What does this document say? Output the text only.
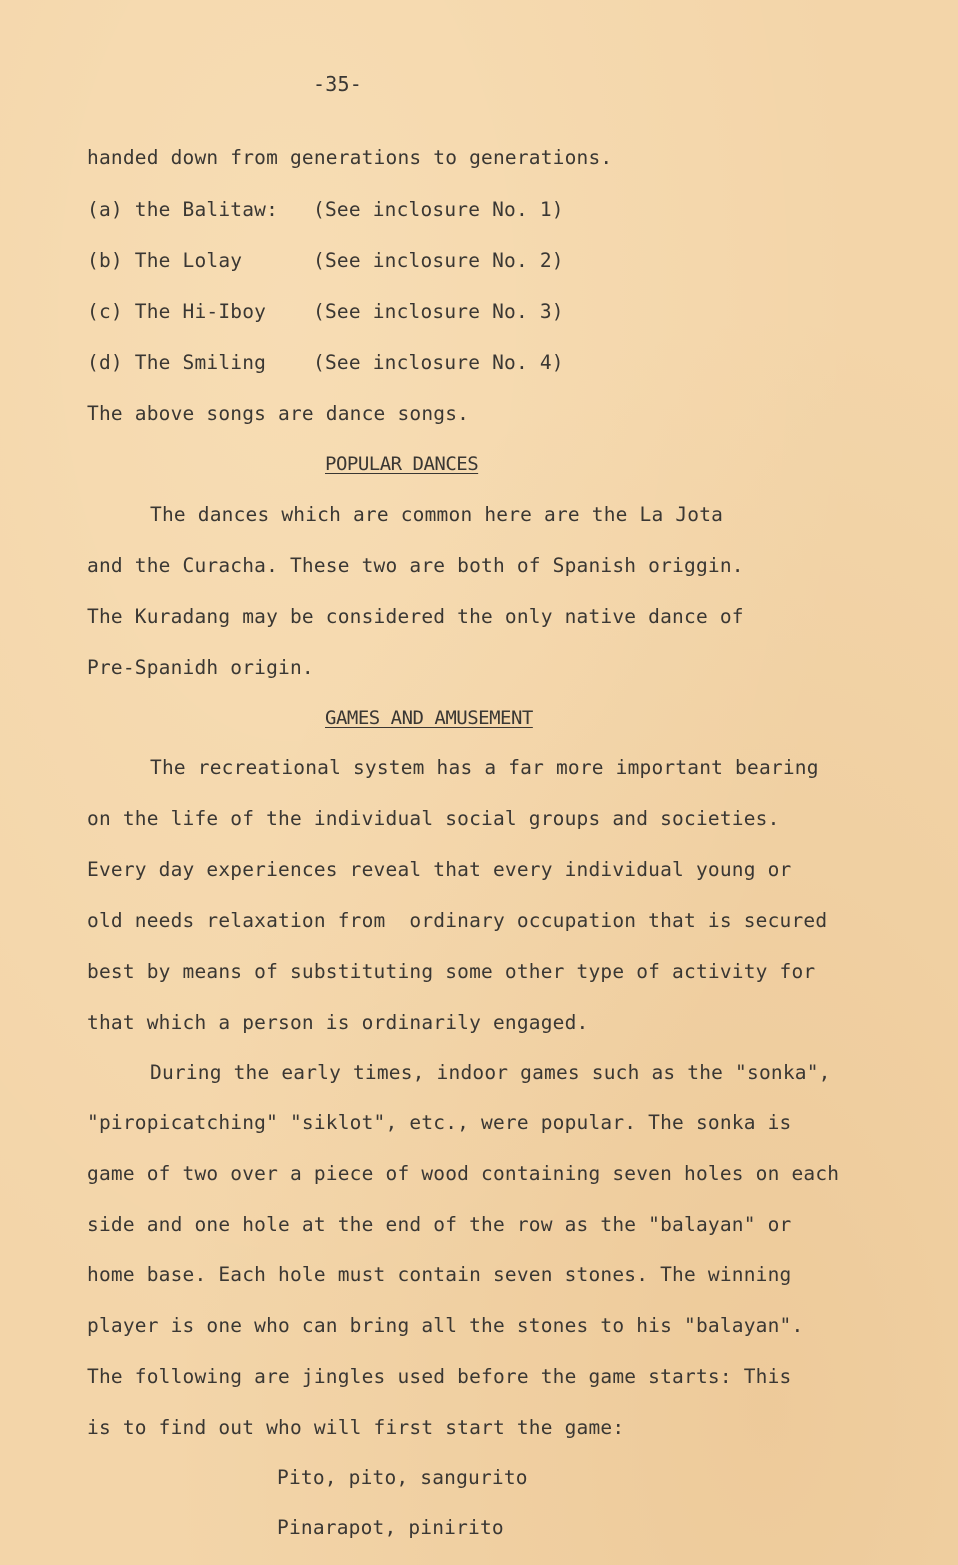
-35-
handed down from generations to generations.
(a) the Balitaw: (See inclosure No. 1)
(b) The Lolay	(See inclosure No. 2)
(c) The Hi-Iboy (See inclosure No. 3)
(d) The Smiling (See inclosure No. 4)
The above songs are dance songs.
POPULAR DANCES
The dances which are common here are the La Jota
and the Curacha. These two are both of Spanish origgin.
The Kuradang may be considered the only native dance of
Pre-Spanidh origin.
GAMES AND AMUSEMENT
The recreational system has a far more important bearing
on the life of the individual social groups and societies.
Every day experiences reveal that every individual young or
old needs relaxation from  ordinary occupation that is secured
best by means of substituting some other type of activity for
that which a person is ordinarily engaged.
During the early times, indoor games such as the "sonka",
"piropicatching" "siklot", etc., were popular. The sonka is
game of two over a piece of wood containing seven holes on each
side and one hole at the end of the row as the "balayan" or
home base. Each hole must contain seven stones. The winning
player is one who can bring all the stones to his "balayan".
The following are jingles used before the game starts: This
is to find out who will first start the game:
Pito, pito, sangurito
Pinarapot, pinirito
